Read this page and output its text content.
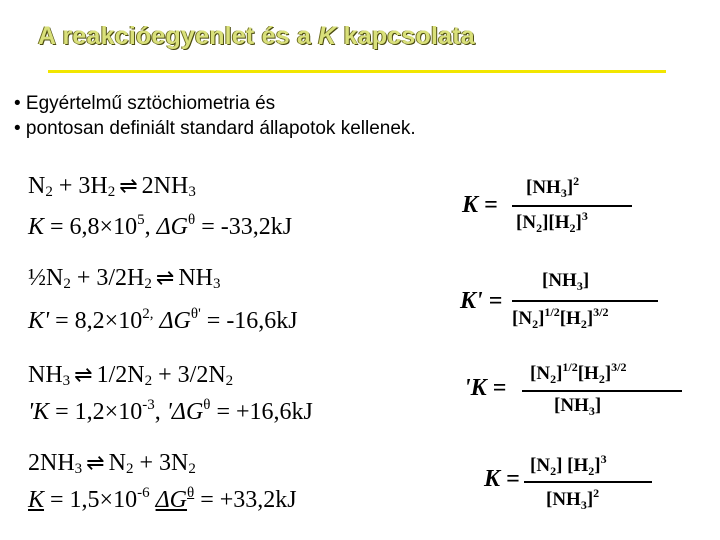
A reakcióegyenlet és a K kapcsolata
• Egyértelmű sztöchiometria és
• pontosan definiált standard állapotok kellenek.
$N_2 + 3H_2$ ⇌ $2NH_3$
$K = 6,8\times 10^5$, $\Delta G^\theta = -33,2kJ$
K =
$[NH_3]^2$
$[N_2][H_2]^3$
$\frac{1}{2}N_2 + 3/2H_2$ ⇌ $NH_3$
$K' = 8,2\times 10^{2,}$ $\Delta G^{\theta'} = -16,6kJ$
K' =
$[NH_3]$
$[N_2]^{1/2}[H_2]^{3/2}$
$NH_3$ ⇌ $1/2N_2 + 3/2N_2$
'$K = 1,2\times 10^{-3}$, '$\Delta G^\theta = +16,6kJ$
'K =
$[N_2]^{1/2}[H_2]^{3/2}$
$[NH_3]$
$2NH_3$ ⇌ $N_2 + 3N_2$
$K = 1,5\times 10^{-6}$ $\Delta G^\theta = +33,2kJ$
K =
$[N_2]$ $[H_2]^3$
$[NH_3]^2$
